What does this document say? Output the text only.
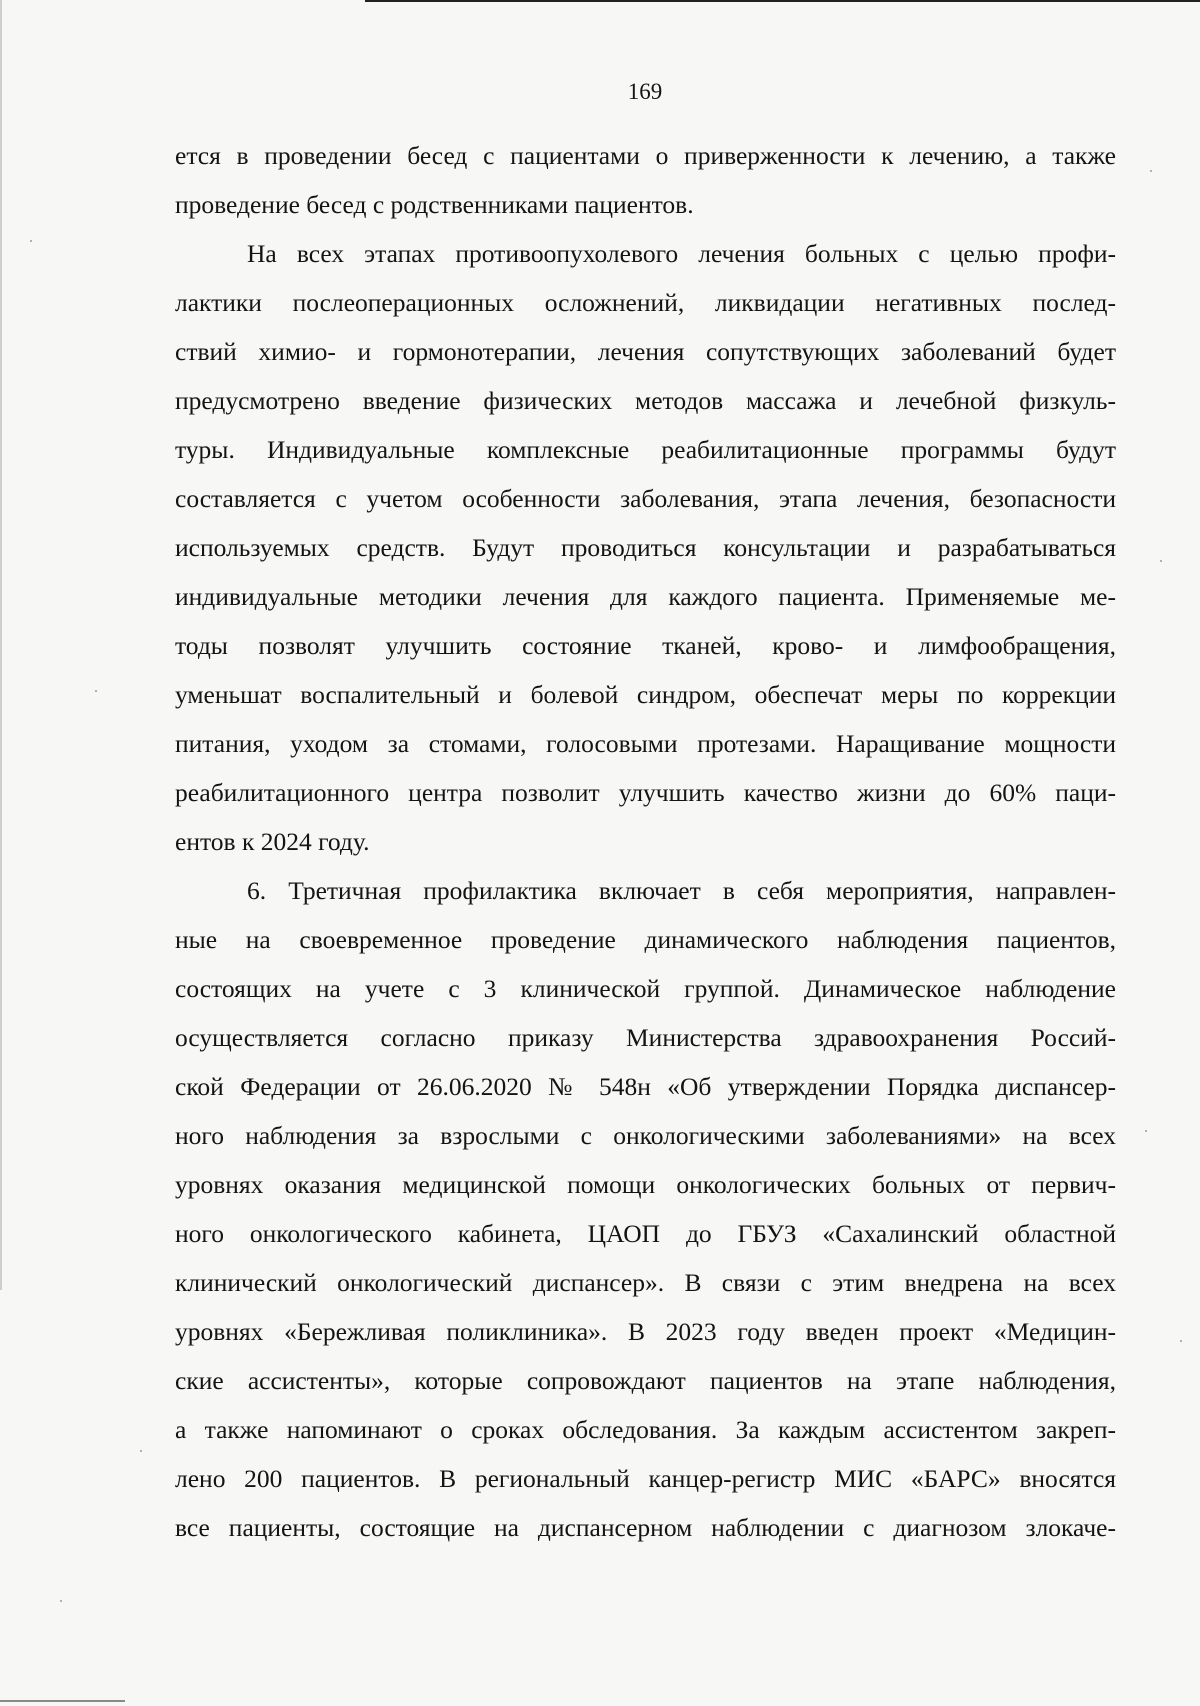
169
ется в проведении бесед с пациентами о приверженности к лечению, а также
проведение бесед с родственниками пациентов.
На всех этапах противоопухолевого лечения больных с целью профи-
лактики послеоперационных осложнений, ликвидации негативных послед-
ствий химио- и гормонотерапии, лечения сопутствующих заболеваний будет
предусмотрено введение физических методов массажа и лечебной физкуль-
туры. Индивидуальные комплексные реабилитационные программы будут
составляется с учетом особенности заболевания, этапа лечения, безопасности
используемых средств. Будут проводиться консультации и разрабатываться
индивидуальные методики лечения для каждого пациента. Применяемые ме-
тоды позволят улучшить состояние тканей, крово- и лимфообращения,
уменьшат воспалительный и болевой синдром, обеспечат меры по коррекции
питания, уходом за стомами, голосовыми протезами. Наращивание мощности
реабилитационного центра позволит улучшить качество жизни до 60% паци-
ентов к 2024 году.
6. Третичная профилактика включает в себя мероприятия, направлен-
ные на своевременное проведение динамического наблюдения пациентов,
состоящих на учете с 3 клинической группой. Динамическое наблюдение
осуществляется согласно приказу Министерства здравоохранения Россий-
ской Федерации от 26.06.2020 № 548н «Об утверждении Порядка диспансер-
ного наблюдения за взрослыми с онкологическими заболеваниями» на всех
уровнях оказания медицинской помощи онкологических больных от первич-
ного онкологического кабинета, ЦАОП до ГБУЗ «Сахалинский областной
клинический онкологический диспансер». В связи с этим внедрена на всех
уровнях «Бережливая поликлиника». В 2023 году введен проект «Медицин-
ские ассистенты», которые сопровождают пациентов на этапе наблюдения,
а также напоминают о сроках обследования. За каждым ассистентом закреп-
лено 200 пациентов. В региональный канцер-регистр МИС «БАРС» вносятся
все пациенты, состоящие на диспансерном наблюдении с диагнозом злокаче-
